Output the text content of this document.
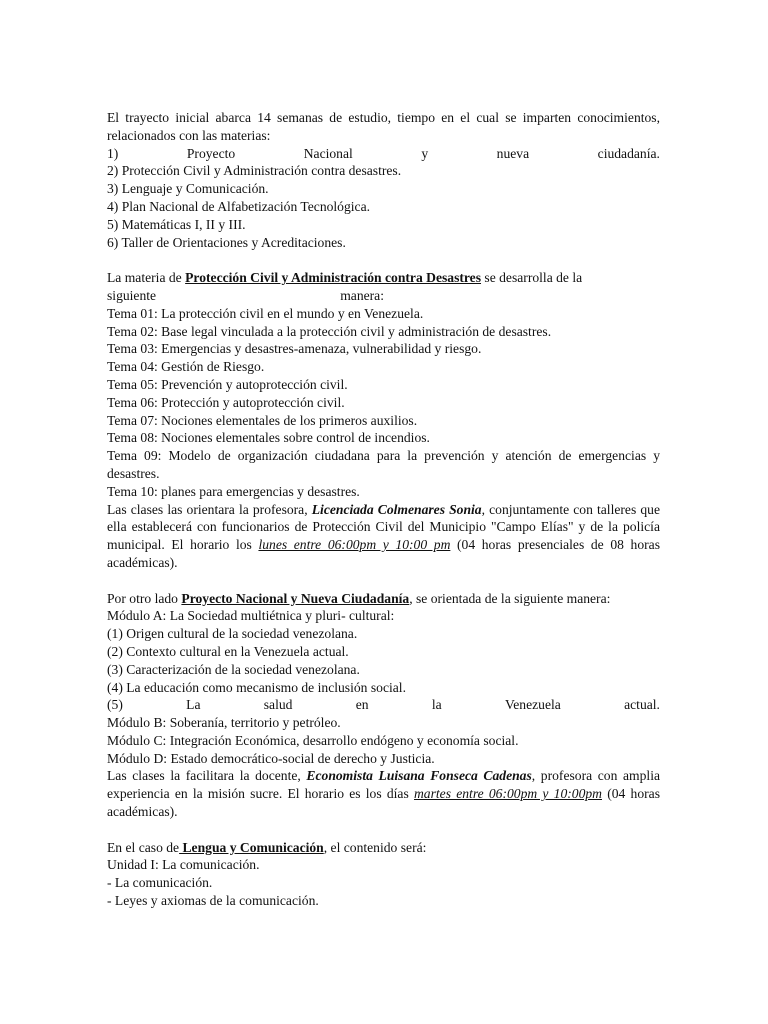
El trayecto inicial abarca 14 semanas de estudio, tiempo en el cual se imparten conocimientos, relacionados con las materias:

1)	Proyecto	Nacional	y	nueva	ciudadanía.

2) Protección Civil y Administración contra desastres.

3) Lenguaje y Comunicación.

4) Plan Nacional de Alfabetización Tecnológica.

5) Matemáticas I, II y III.

6) Taller de Orientaciones y Acreditaciones.

La materia de Protección Civil y Administración contra Desastres se desarrolla de la

siguiente	manera:

Tema 01: La protección civil en el mundo y en Venezuela.

Tema 02: Base legal vinculada a la protección civil y administración de desastres.

Tema 03: Emergencias y desastres-amenaza, vulnerabilidad y riesgo.

Tema 04: Gestión de Riesgo.

Tema 05: Prevención y autoprotección civil.

Tema 06: Protección y autoprotección civil.

Tema 07: Nociones elementales de los primeros auxilios.

Tema 08: Nociones elementales sobre control de incendios.

Tema 09: Modelo de organización ciudadana para la prevención y atención de emergencias y desastres.

Tema 10: planes para emergencias y desastres.

Las clases las orientara la profesora, Licenciada Colmenares Sonia, conjuntamente con talleres que ella establecerá con funcionarios de Protección Civil del Municipio "Campo Elías" y de la policía municipal. El horario los lunes entre 06:00pm y 10:00 pm (04 horas presenciales de 08 horas académicas).

Por otro lado Proyecto Nacional y Nueva Ciudadanía, se orientada de la siguiente manera:

Módulo A: La Sociedad multiétnica y pluri- cultural:

(1) Origen cultural de la sociedad venezolana.

(2) Contexto cultural en la Venezuela actual.

(3) Caracterización de la sociedad venezolana.

(4) La educación como mecanismo de inclusión social.

(5)	La	salud	en	la	Venezuela	actual.

Módulo B: Soberanía, territorio y petróleo.

Módulo C: Integración Económica, desarrollo endógeno y economía social.

Módulo D: Estado democrático-social de derecho y Justicia.

Las clases la facilitara la docente, Economista Luisana Fonseca Cadenas, profesora con amplia experiencia en la misión sucre. El horario es los días martes entre 06:00pm y 10:00pm (04 horas académicas).

En el caso de Lengua y Comunicación, el contenido será:

Unidad I: La comunicación.

- La comunicación.

- Leyes y axiomas de la comunicación.
